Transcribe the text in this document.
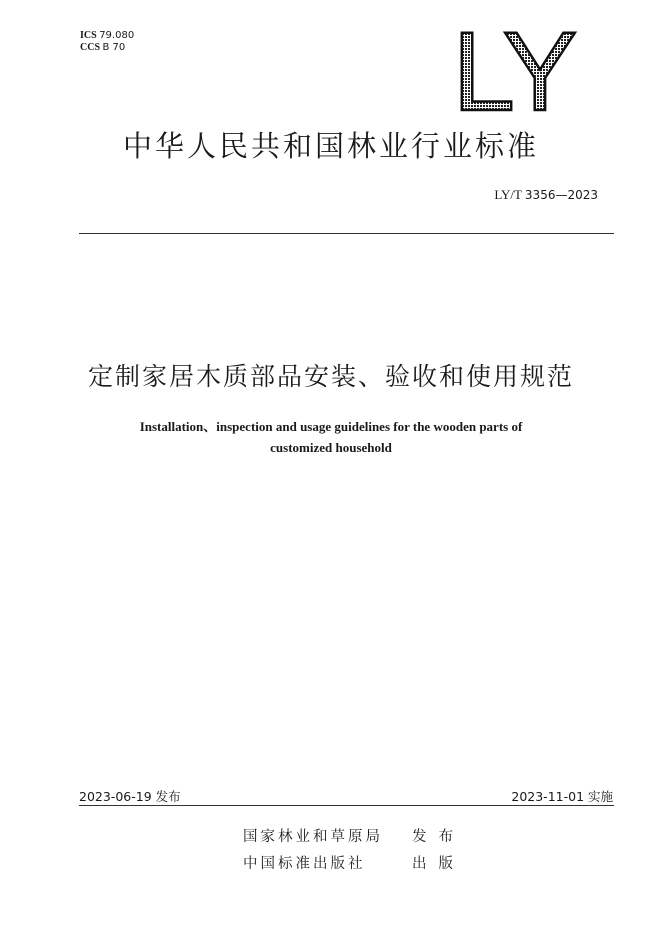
ICS 79.080
CCS B 70	LY
中华人民共和国林业行业标准
LY/T 3356—2023
定制家居木质部品安装、验收和使用规范
Installation、inspection and usage guidelines for the wooden parts of
customized household
2023-06-19 发布	2023-11-01 实施
国家林业和草原局 发布
中国标准出版社	出版
